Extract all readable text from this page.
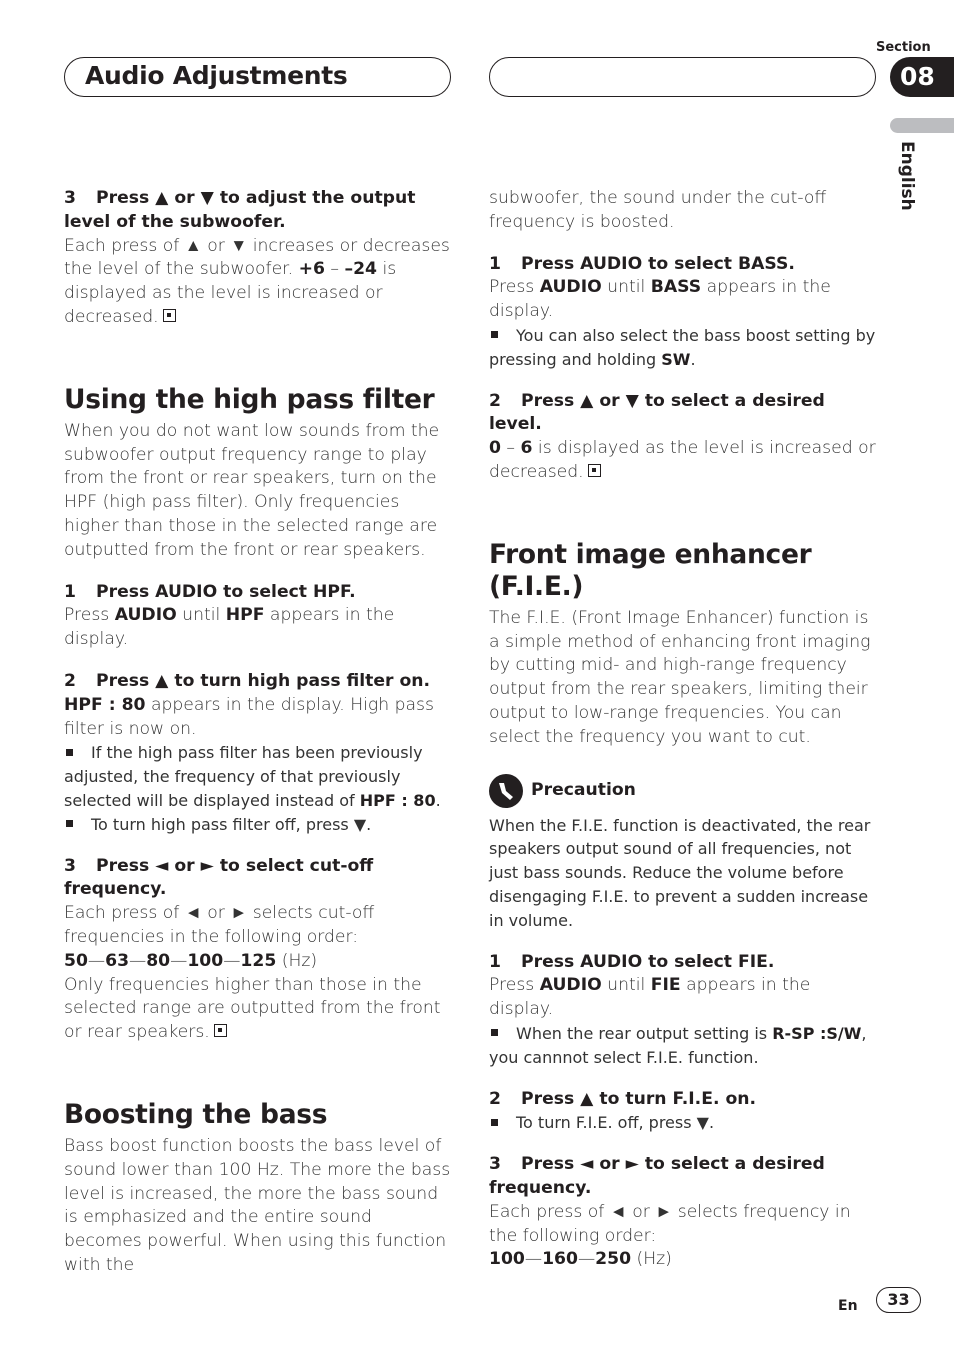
Audio Adjustments
Section
08
English

3 Press ▲ or ▼ to adjust the output level of the subwoofer.

Each press of ▲ or ▼ increases or decreases the level of the subwoofer. +6 – –24 is displayed as the level is increased or decreased.

Using the high pass filter

When you do not want low sounds from the subwoofer output frequency range to play from the front or rear speakers, turn on the HPF (high pass filter). Only frequencies higher than those in the selected range are outputted from the front or rear speakers.

1 Press AUDIO to select HPF.

Press AUDIO until HPF appears in the display.

2 Press ▲ to turn high pass filter on.

HPF : 80 appears in the display. High pass filter is now on.

If the high pass filter has been previously adjusted, the frequency of that previously selected will be displayed instead of HPF : 80.

To turn high pass filter off, press ▼.

3 Press ◄ or ► to select cut-off frequency.

Each press of ◄ or ► selects cut-off frequencies in the following order:

50—63—80—100—125 (Hz)

Only frequencies higher than those in the selected range are outputted from the front or rear speakers.

Boosting the bass

Bass boost function boosts the bass level of sound lower than 100 Hz. The more the bass level is increased, the more the bass sound is emphasized and the entire sound becomes powerful. When using this function with the

subwoofer, the sound under the cut-off frequency is boosted.

1 Press AUDIO to select BASS.

Press AUDIO until BASS appears in the display.

You can also select the bass boost setting by pressing and holding SW.

2 Press ▲ or ▼ to select a desired level.

0 – 6 is displayed as the level is increased or decreased.

Front image enhancer (F.I.E.)

The F.I.E. (Front Image Enhancer) function is a simple method of enhancing front imaging by cutting mid- and high-range frequency output from the rear speakers, limiting their output to low-range frequencies. You can select the frequency you want to cut.

Precaution

When the F.I.E. function is deactivated, the rear speakers output sound of all frequencies, not just bass sounds. Reduce the volume before disengaging F.I.E. to prevent a sudden increase in volume.

1 Press AUDIO to select FIE.

Press AUDIO until FIE appears in the display.

When the rear output setting is R-SP :S/W, you cannnot select F.I.E. function.

2 Press ▲ to turn F.I.E. on.

To turn F.I.E. off, press ▼.

3 Press ◄ or ► to select a desired frequency.

Each press of ◄ or ► selects frequency in the following order:

100—160—250 (Hz)

En	33
